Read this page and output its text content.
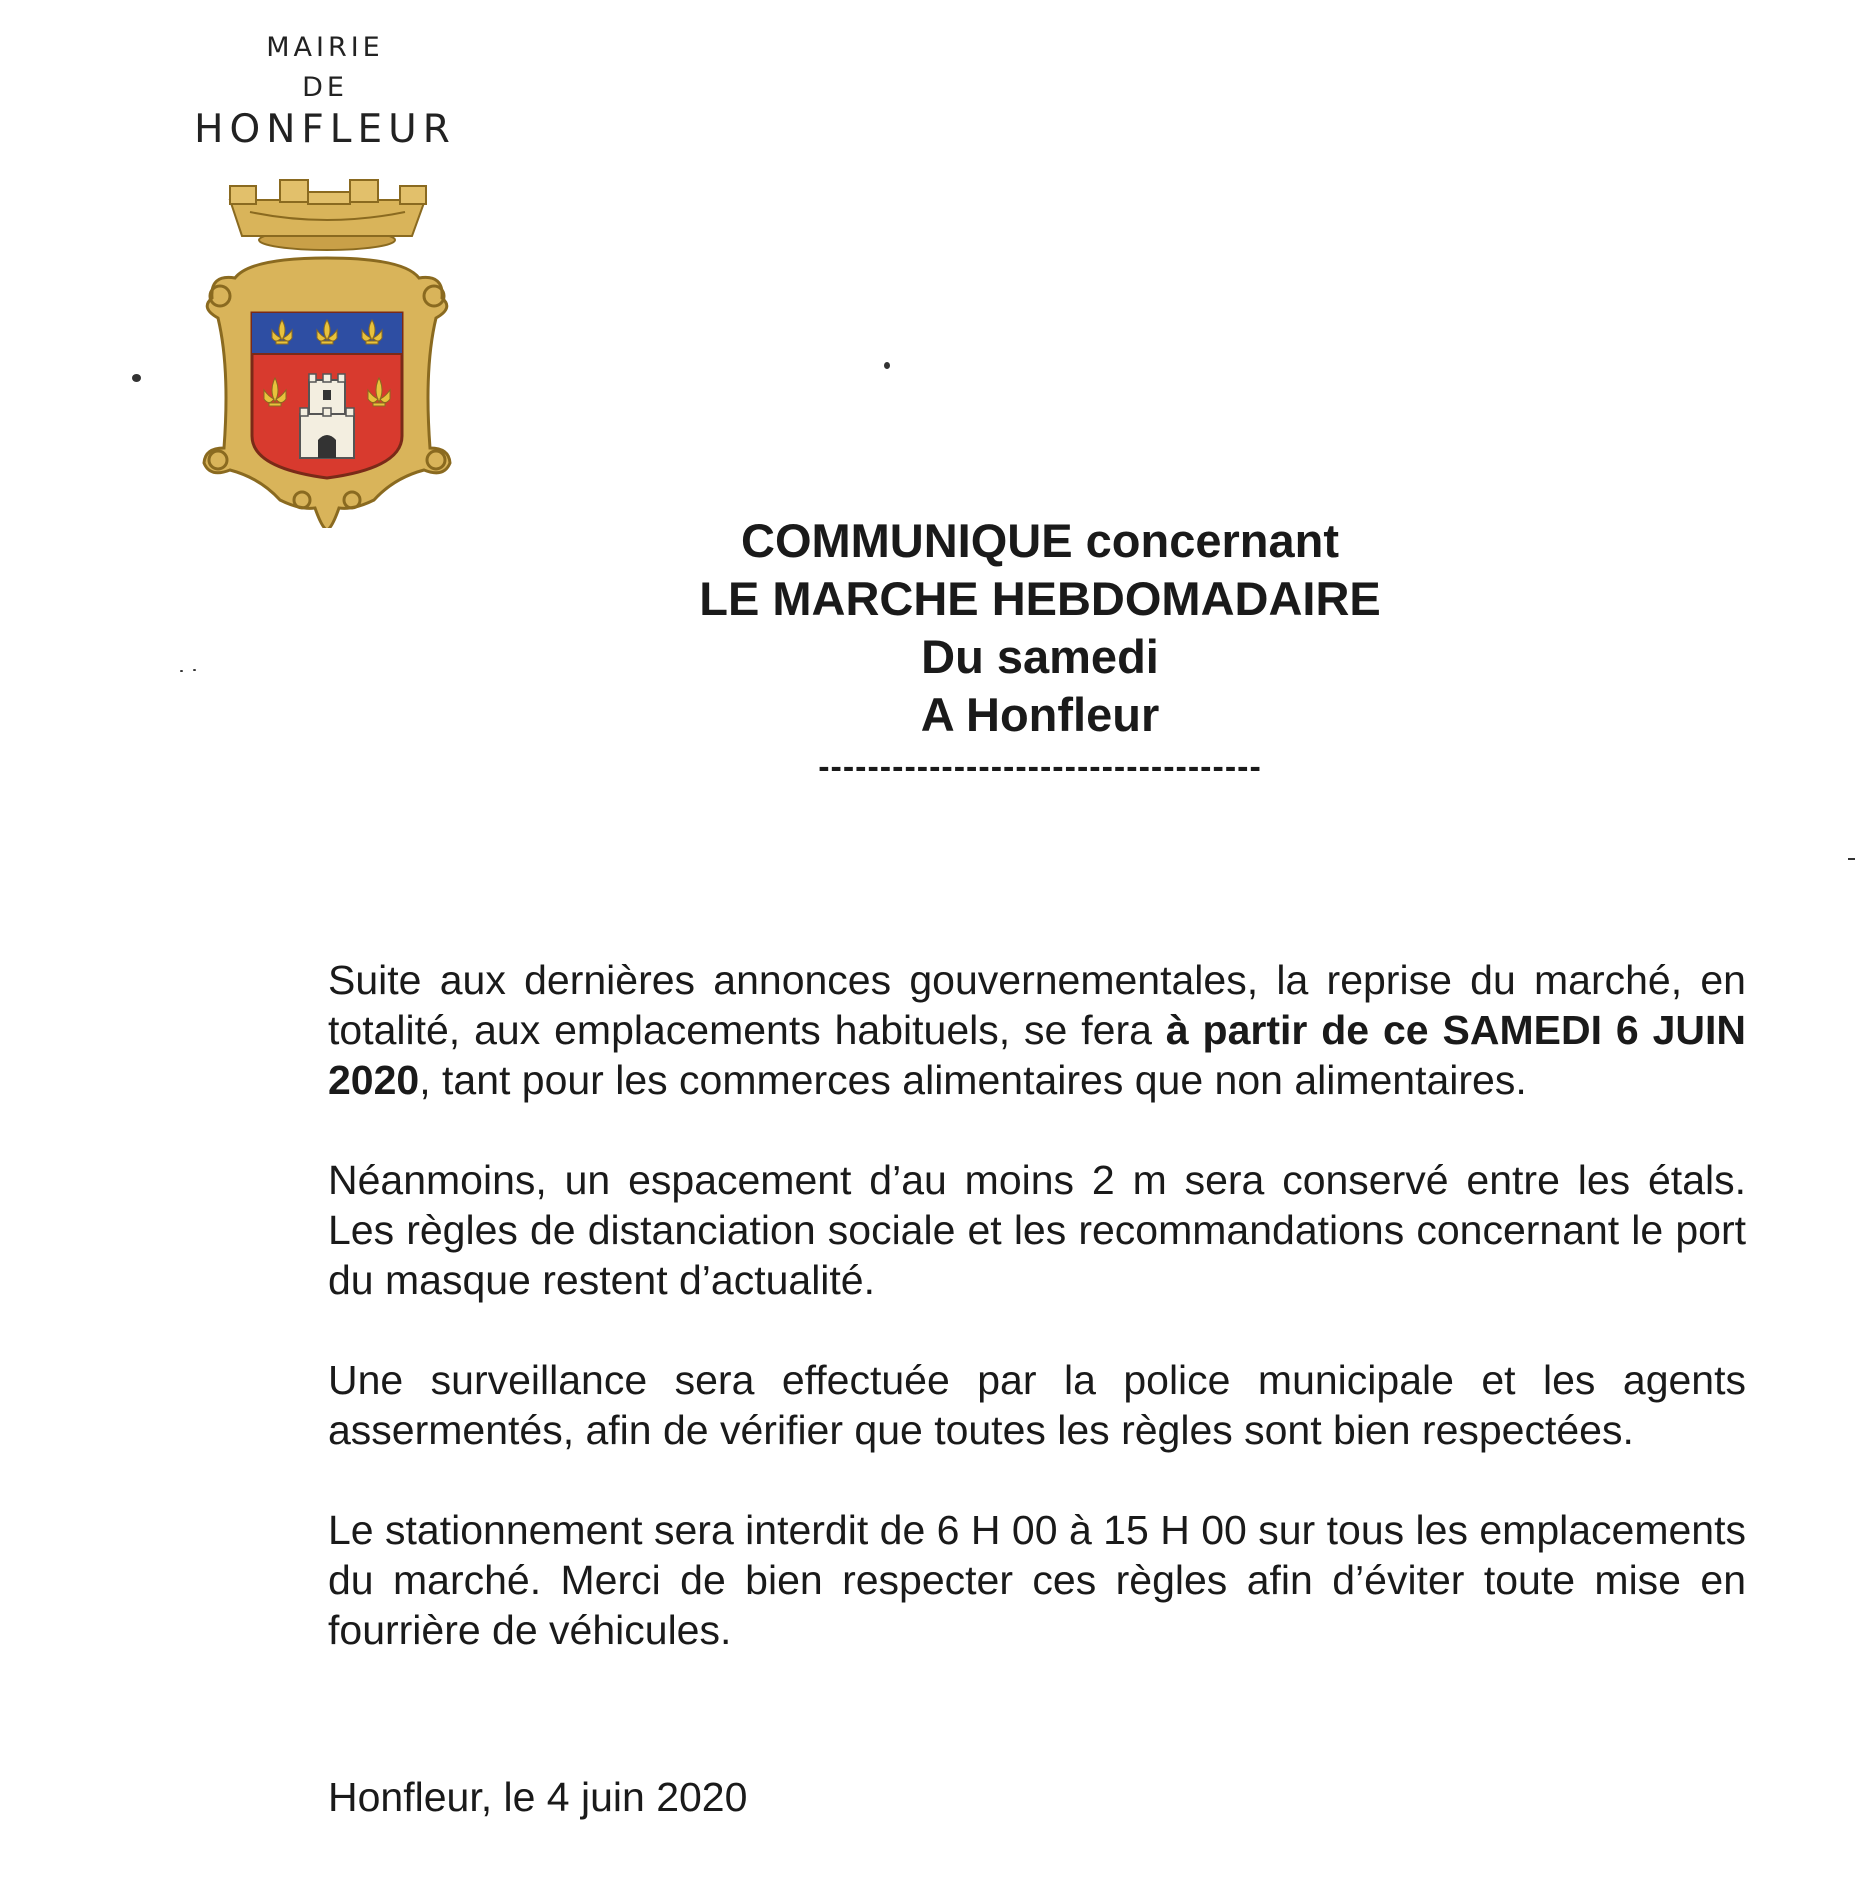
MAIRIE
DE
HONFLEUR
COMMUNIQUE concernant
LE MARCHE HEBDOMADAIRE
Du samedi
A Honfleur
------------------------------------

Suite aux dernières annonces gouvernementales, la reprise du marché, en totalité, aux emplacements habituels, se fera à partir de ce SAMEDI 6 JUIN 2020, tant pour les commerces alimentaires que non alimentaires.

Néanmoins, un espacement d’au moins 2 m sera conservé entre les étals. Les règles de distanciation sociale et les recommandations concernant le port du masque restent d’actualité.

Une surveillance sera effectuée par la police municipale et les agents assermentés, afin de vérifier que toutes les règles sont bien respectées.

Le stationnement sera interdit de 6 H 00 à 15 H 00 sur tous les emplacements du marché. Merci de bien respecter ces règles afin d’éviter toute mise en fourrière de véhicules.

Honfleur, le 4 juin 2020
